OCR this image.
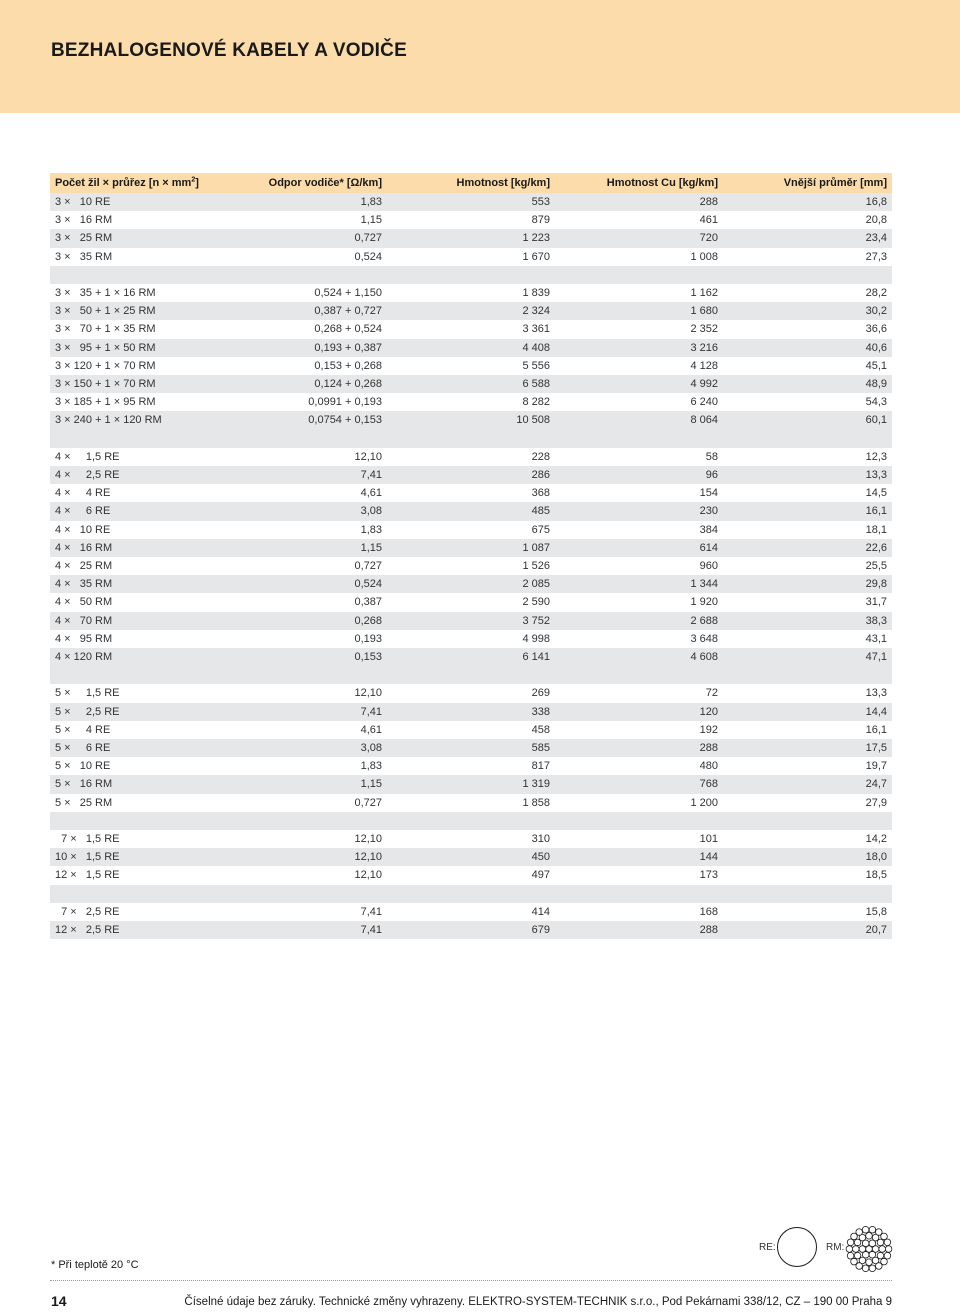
BEZHALOGENOVÉ KABELY A VODIČE
Počet žil × průřez $[n \times mm^2]$	Odpor vodiče* [Ω/km]	Hmotnost [kg/km]	Hmotnost Cu [kg/km]	Vnější průměr [mm]
3 ×   10 RE	1,83	553	288	16,8
3 ×   16 RM	1,15	879	461	20,8
3 ×   25 RM	0,727	1 223	720	23,4
3 ×   35 RM	0,524	1 670	1 008	27,3

3 ×   35 + 1 × 16 RM	0,524 + 1,150	1 839	1 162	28,2
3 ×   50 + 1 × 25 RM	0,387 + 0,727	2 324	1 680	30,2
3 ×   70 + 1 × 35 RM	0,268 + 0,524	3 361	2 352	36,6
3 ×   95 + 1 × 50 RM	0,193 + 0,387	4 408	3 216	40,6
3 × 120 + 1 × 70 RM	0,153 + 0,268	5 556	4 128	45,1
3 × 150 + 1 × 70 RM	0,124 + 0,268	6 588	4 992	48,9
3 × 185 + 1 × 95 RM	0,0991 + 0,193	8 282	6 240	54,3
3 × 240 + 1 × 120 RM	0,0754 + 0,153	10 508	8 064	60,1

4 ×     1,5 RE	12,10	228	58	12,3
4 ×     2,5 RE	7,41	286	96	13,3
4 ×     4 RE	4,61	368	154	14,5
4 ×     6 RE	3,08	485	230	16,1
4 ×   10 RE	1,83	675	384	18,1
4 ×   16 RM	1,15	1 087	614	22,6
4 ×   25 RM	0,727	1 526	960	25,5
4 ×   35 RM	0,524	2 085	1 344	29,8
4 ×   50 RM	0,387	2 590	1 920	31,7
4 ×   70 RM	0,268	3 752	2 688	38,3
4 ×   95 RM	0,193	4 998	3 648	43,1
4 × 120 RM	0,153	6 141	4 608	47,1

5 ×     1,5 RE	12,10	269	72	13,3
5 ×     2,5 RE	7,41	338	120	14,4
5 ×     4 RE	4,61	458	192	16,1
5 ×     6 RE	3,08	585	288	17,5
5 ×   10 RE	1,83	817	480	19,7
5 ×   16 RM	1,15	1 319	768	24,7
5 ×   25 RM	0,727	1 858	1 200	27,9

7 ×   1,5 RE	12,10	310	101	14,2
10 ×   1,5 RE	12,10	450	144	18,0
12 ×   1,5 RE	12,10	497	173	18,5

7 ×   2,5 RE	7,41	414	168	15,8
12 ×   2,5 RE	7,41	679	288	20,7
* Při teplotě 20 °C
RE:	RM:
14	Číselné údaje bez záruky. Technické změny vyhrazeny. ELEKTRO-SYSTEM-TECHNIK s.r.o., Pod Pekárnami 338/12, CZ – 190 00 Praha 9
